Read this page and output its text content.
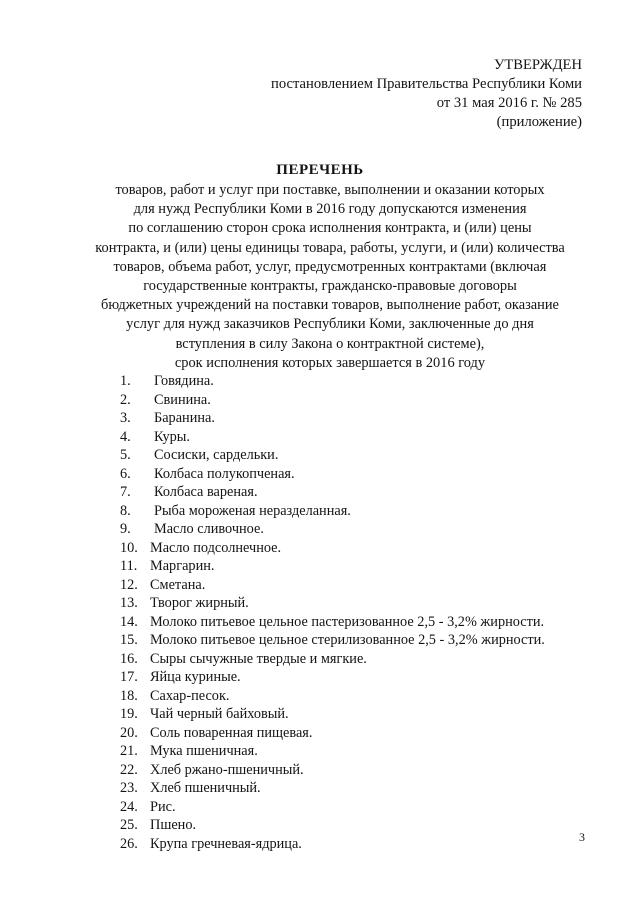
УТВЕРЖДЕН
постановлением Правительства Республики Коми
от 31 мая 2016 г. № 285
(приложение)
ПЕРЕЧЕНЬ
товаров, работ и услуг при поставке, выполнении и оказании которых
для нужд Республики Коми в 2016 году допускаются изменения
по соглашению сторон срока исполнения контракта, и (или) цены
контракта, и (или) цены единицы товара, работы, услуги, и (или) количества
товаров, объема работ, услуг, предусмотренных контрактами (включая
государственные контракты, гражданско-правовые договоры
бюджетных учреждений на поставки товаров, выполнение работ, оказание
услуг для нужд заказчиков Республики Коми, заключенные до дня
вступления в силу Закона о контрактной системе),
срок исполнения которых завершается в 2016 году
1.	Говядина.
2.	Свинина.
3.	Баранина.
4.	Куры.
5.	Сосиски, сардельки.
6.	Колбаса полукопченая.
7.	Колбаса вареная.
8.	Рыба мороженая неразделанная.
9.	Масло сливочное.
10. Масло подсолнечное.
11. Маргарин.
12. Сметана.
13. Творог жирный.
14. Молоко питьевое цельное пастеризованное 2,5 - 3,2% жирности.
15. Молоко питьевое цельное стерилизованное 2,5 - 3,2% жирности.
16. Сыры сычужные твердые и мягкие.
17. Яйца куриные.
18. Сахар-песок.
19. Чай черный байховый.
20. Соль поваренная пищевая.
21. Мука пшеничная.
22. Хлеб ржано-пшеничный.
23. Хлеб пшеничный.
24. Рис.
25. Пшено.
26. Крупа гречневая-ядрица.	3
